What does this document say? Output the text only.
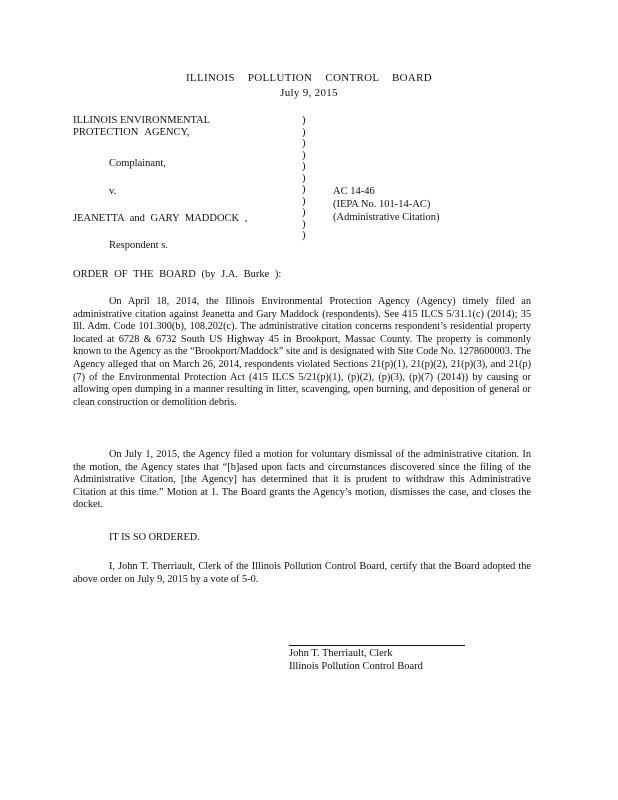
ILLINOIS POLLUTION CONTROL BOARD
July 9, 2015
ILLINOIS ENVIRONMENTAL
PROTECTION AGENCY,
Complainant,
v.
JEANETTA and GARY MADDOCK ,
Respondent s.
)
)
)
)
)
)
)
)
)
)
)
AC 14-46
(IEPA No. 101-14-AC)
(Administrative Citation)
ORDER OF THE BOARD (by J.A. Burke ):
On April 18, 2014, the Illinois Environmental Protection Agency (Agency) timely filed an administrative citation against Jeanetta and Gary Maddock (respondents). See 415 ILCS 5/31.1(c) (2014); 35 Ill. Adm. Code 101.300(b), 108.202(c). The administrative citation concerns respondent’s residential property located at 6728 & 6732 South US Highway 45 in Brookport, Massac County. The property is commonly known to the Agency as the “Brookport/Maddock” site and is designated with Site Code No. 1278600003. The Agency alleged that on March 26, 2014, respondents violated Sections 21(p)(1), 21(p)(2), 21(p)(3), and 21(p)(7) of the Environmental Protection Act (415 ILCS 5/21(p)(1), (p)(2), (p)(3), (p)(7) (2014)) by causing or allowing open dumping in a manner resulting in litter, scavenging, open burning, and deposition of general or clean construction or demolition debris.
On July 1, 2015, the Agency filed a motion for voluntary dismissal of the administrative citation. In the motion, the Agency states that “[b]ased upon facts and circumstances discovered since the filing of the Administrative Citation, [the Agency] has determined that it is prudent to withdraw this Administrative Citation at this time.” Motion at 1. The Board grants the Agency’s motion, dismisses the case, and closes the docket.
IT IS SO ORDERED.
I, John T. Therriault, Clerk of the Illinois Pollution Control Board, certify that the Board adopted the above order on July 9, 2015 by a vote of 5-0.
John T. Therriault, Clerk
Illinois Pollution Control Board
